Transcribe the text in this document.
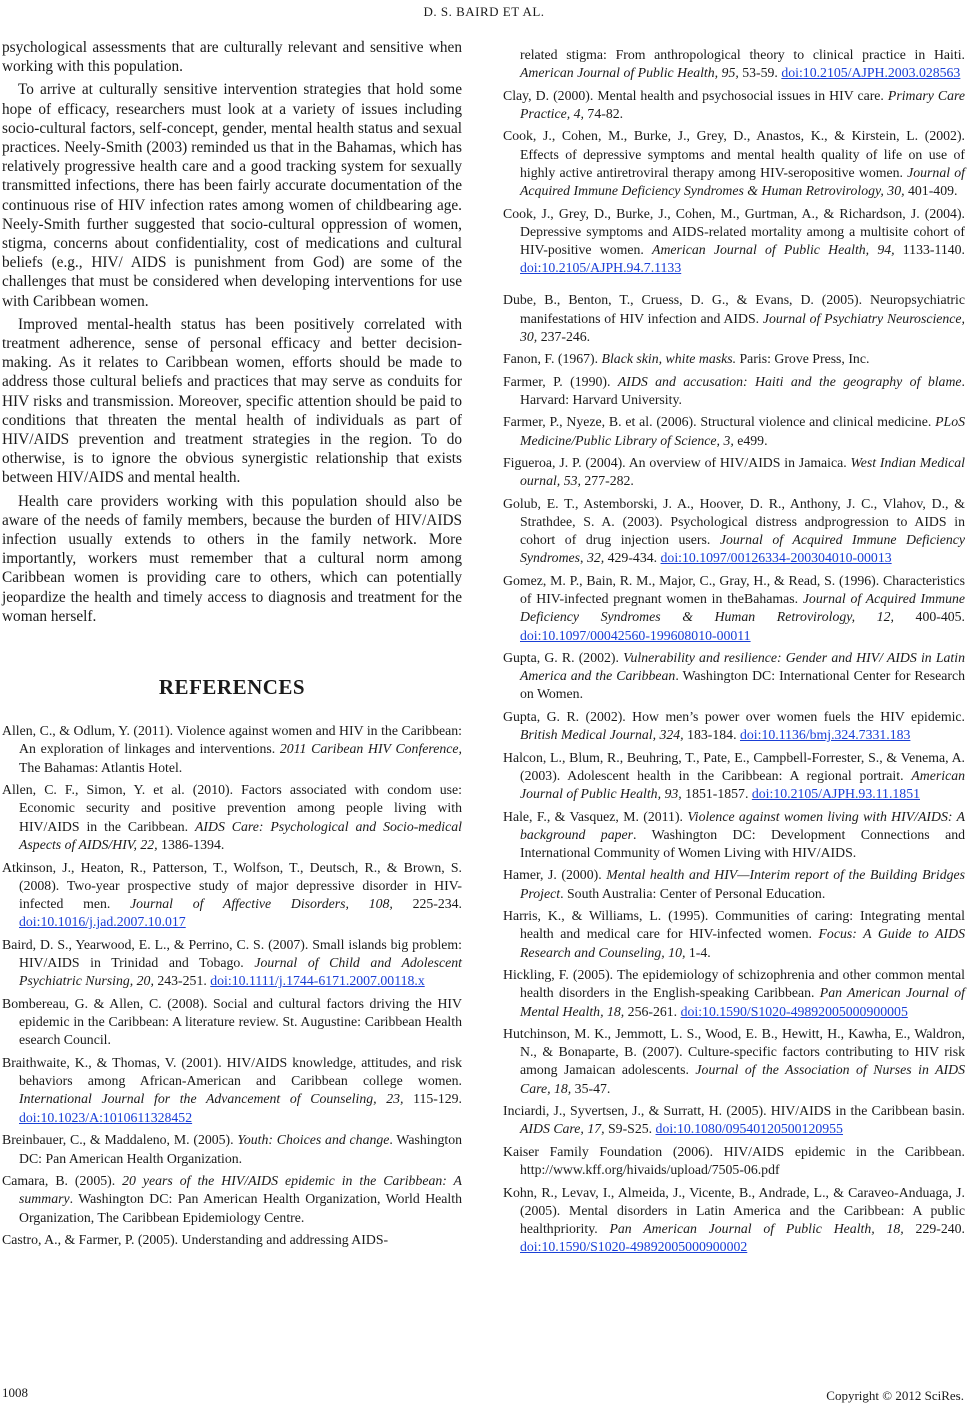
D. S. BAIRD ET AL.

psychological assessments that are culturally relevant and sensitive when working with this population.

To arrive at culturally sensitive intervention strategies that hold some hope of efficacy, researchers must look at a variety of issues including socio-cultural factors, self-concept, gender, mental health status and sexual practices. Neely-Smith (2003) reminded us that in the Bahamas, which has relatively progressive health care and a good tracking system for sexually transmitted infections, there has been fairly accurate documentation of the continuous rise of HIV infection rates among women of childbearing age. Neely-Smith further suggested that socio-cultural oppression of women, stigma, concerns about confidentiality, cost of medications and cultural beliefs (e.g., HIV/ AIDS is punishment from God) are some of the challenges that must be considered when developing interventions for use with Caribbean women.

Improved mental-health status has been positively correlated with treatment adherence, sense of personal efficacy and better decision-making. As it relates to Caribbean women, efforts should be made to address those cultural beliefs and practices that may serve as conduits for HIV risks and transmission. Moreover, specific attention should be paid to conditions that threaten the mental health of individuals as part of HIV/AIDS prevention and treatment strategies in the region. To do otherwise, is to ignore the obvious synergistic relationship that exists between HIV/AIDS and mental health.

Health care providers working with this population should also be aware of the needs of family members, because the burden of HIV/AIDS infection usually extends to others in the family network. More importantly, workers must remember that a cultural norm among Caribbean women is providing care to others, which can potentially jeopardize the health and timely access to diagnosis and treatment for the woman herself.

REFERENCES

Allen, C., & Odlum, Y. (2011). Violence against women and HIV in the Caribbean: An exploration of linkages and interventions. 2011 Caribean HIV Conference, The Bahamas: Atlantis Hotel.

Allen, C. F., Simon, Y. et al. (2010). Factors associated with condom use: Economic security and positive prevention among people living with HIV/AIDS in the Caribbean. AIDS Care: Psychological and Socio-medical Aspects of AIDS/HIV, 22, 1386-1394.

Atkinson, J., Heaton, R., Patterson, T., Wolfson, T., Deutsch, R., & Brown, S. (2008). Two-year prospective study of major depressive disorder in HIV-infected men. Journal of Affective Disorders, 108, 225-234. doi:10.1016/j.jad.2007.10.017

Baird, D. S., Yearwood, E. L., & Perrino, C. S. (2007). Small islands big problem: HIV/AIDS in Trinidad and Tobago. Journal of Child and Adolescent Psychiatric Nursing, 20, 243-251. doi:10.1111/j.1744-6171.2007.00118.x

Bombereau, G. & Allen, C. (2008). Social and cultural factors driving the HIV epidemic in the Caribbean: A literature review. St. Augustine: Caribbean Health esearch Council.

Braithwaite, K., & Thomas, V. (2001). HIV/AIDS knowledge, attitudes, and risk behaviors among African-American and Caribbean college women. International Journal for the Advancement of Counseling, 23, 115-129. doi:10.1023/A:1010611328452

Breinbauer, C., & Maddaleno, M. (2005). Youth: Choices and change. Washington DC: Pan American Health Organization.

Camara, B. (2005). 20 years of the HIV/AIDS epidemic in the Caribbean: A summary. Washington DC: Pan American Health Organization, World Health Organization, The Caribbean Epidemiology Centre.

Castro, A., & Farmer, P. (2005). Understanding and addressing AIDS-

related stigma: From anthropological theory to clinical practice in Haiti. American Journal of Public Health, 95, 53-59. doi:10.2105/AJPH.2003.028563

Clay, D. (2000). Mental health and psychosocial issues in HIV care. Primary Care Practice, 4, 74-82.

Cook, J., Cohen, M., Burke, J., Grey, D., Anastos, K., & Kirstein, L. (2002). Effects of depressive symptoms and mental health quality of life on use of highly active antiretroviral therapy among HIV-seropositive women. Journal of Acquired Immune Deficiency Syndromes & Human Retrovirology, 30, 401-409.

Cook, J., Grey, D., Burke, J., Cohen, M., Gurtman, A., & Richardson, J. (2004). Depressive symptoms and AIDS-related mortality among a multisite cohort of HIV-positive women. American Journal of Public Health, 94, 1133-1140. doi:10.2105/AJPH.94.7.1133

Dube, B., Benton, T., Cruess, D. G., & Evans, D. (2005). Neuropsychiatric manifestations of HIV infection and AIDS. Journal of Psychiatry Neuroscience, 30, 237-246.

Fanon, F. (1967). Black skin, white masks. Paris: Grove Press, Inc.

Farmer, P. (1990). AIDS and accusation: Haiti and the geography of blame. Harvard: Harvard University.

Farmer, P., Nyeze, B. et al. (2006). Structural violence and clinical medicine. PLoS Medicine/Public Library of Science, 3, e499.

Figueroa, J. P. (2004). An overview of HIV/AIDS in Jamaica. West Indian Medical ournal, 53, 277-282.

Golub, E. T., Astemborski, J. A., Hoover, D. R., Anthony, J. C., Vlahov, D., & Strathdee, S. A. (2003). Psychological distress andprogression to AIDS in cohort of drug injection users. Journal of Acquired Immune Deficiency Syndromes, 32, 429-434. doi:10.1097/00126334-200304010-00013

Gomez, M. P., Bain, R. M., Major, C., Gray, H., & Read, S. (1996). Characteristics of HIV-infected pregnant women in theBahamas. Journal of Acquired Immune Deficiency Syndromes & Human Retrovirology, 12, 400-405. doi:10.1097/00042560-199608010-00011

Gupta, G. R. (2002). Vulnerability and resilience: Gender and HIV/ AIDS in Latin America and the Caribbean. Washington DC: International Center for Research on Women.

Gupta, G. R. (2002). How men’s power over women fuels the HIV epidemic. British Medical Journal, 324, 183-184. doi:10.1136/bmj.324.7331.183

Halcon, L., Blum, R., Beuhring, T., Pate, E., Campbell-Forrester, S., & Venema, A. (2003). Adolescent health in the Caribbean: A regional portrait. American Journal of Public Health, 93, 1851-1857. doi:10.2105/AJPH.93.11.1851

Hale, F., & Vasquez, M. (2011). Violence against women living with HIV/AIDS: A background paper. Washington DC: Development Connections and International Community of Women Living with HIV/AIDS.

Hamer, J. (2000). Mental health and HIV—Interim report of the Building Bridges Project. South Australia: Center of Personal Education.

Harris, K., & Williams, L. (1995). Communities of caring: Integrating mental health and medical care for HIV-infected women. Focus: A Guide to AIDS Research and Counseling, 10, 1-4.

Hickling, F. (2005). The epidemiology of schizophrenia and other common mental health disorders in the English-speaking Caribbean. Pan American Journal of Mental Health, 18, 256-261. doi:10.1590/S1020-49892005000900005

Hutchinson, M. K., Jemmott, L. S., Wood, E. B., Hewitt, H., Kawha, E., Waldron, N., & Bonaparte, B. (2007). Culture-specific factors contributing to HIV risk among Jamaican adolescents. Journal of the Association of Nurses in AIDS Care, 18, 35-47.

Inciardi, J., Syvertsen, J., & Surratt, H. (2005). HIV/AIDS in the Caribbean basin. AIDS Care, 17, S9-S25. doi:10.1080/09540120500120955

Kaiser Family Foundation (2006). HIV/AIDS epidemic in the Caribbean. http://www.kff.org/hivaids/upload/7505-06.pdf

Kohn, R., Levav, I., Almeida, J., Vicente, B., Andrade, L., & Caraveo-Anduaga, J. (2005). Mental disorders in Latin America and the Caribbean: A public healthpriority. Pan American Journal of Public Health, 18, 229-240. doi:10.1590/S1020-49892005000900002

1008	Copyright © 2012 SciRes.
